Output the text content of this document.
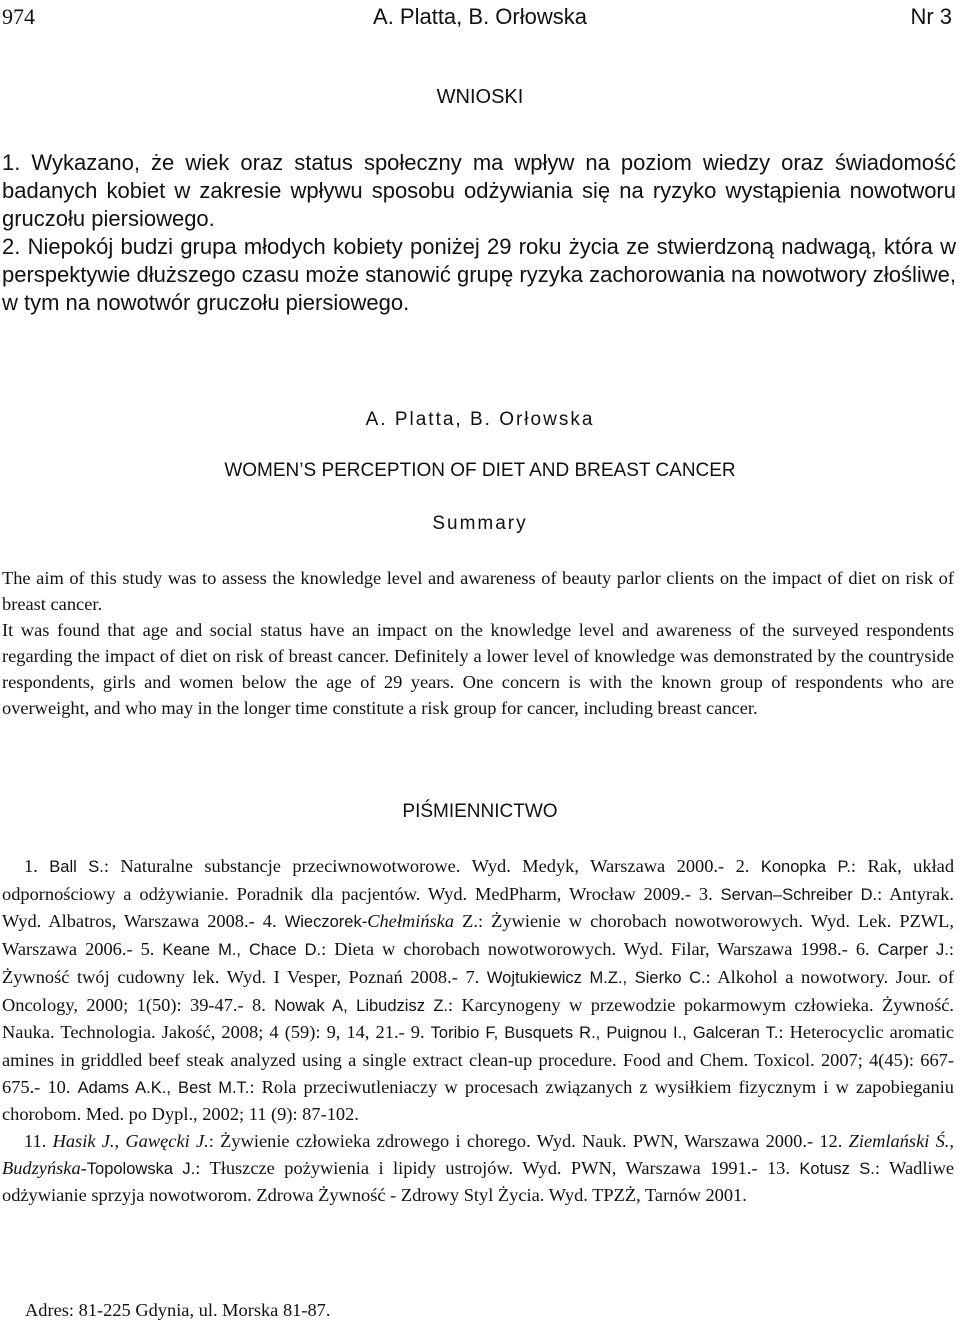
974	A. Platta, B. Orłowska	Nr 3
WNIOSKI

1. Wykazano, że wiek oraz status społeczny ma wpływ na poziom wiedzy oraz świadomość badanych kobiet w zakresie wpływu sposobu odżywiania się na ryzyko wystąpienia nowotworu gruczołu piersiowego.

2. Niepokój budzi grupa młodych kobiety poniżej 29 roku życia ze stwierdzoną nadwagą, która w perspektywie dłuższego czasu może stanowić grupę ryzyka zachorowania na nowotwory złośliwe, w tym na nowotwór gruczołu piersiowego.

A. Platta, B. Orłowska
WOMEN’S PERCEPTION OF DIET AND BREAST CANCER
Summary

The aim of this study was to assess the knowledge level and awareness of beauty parlor clients on the impact of diet on risk of breast cancer.

It was found that age and social status have an impact on the knowledge level and awareness of the surveyed respondents regarding the impact of diet on risk of breast cancer. Definitely a lower level of knowledge was demonstrated by the countryside respondents, girls and women below the age of 29 years. One concern is with the known group of respondents who are overweight, and who may in the longer time constitute a risk group for cancer, including breast cancer.

PIŚMIENNICTWO

1. Ball S.: Naturalne substancje przeciwnowotworowe. Wyd. Medyk, Warszawa 2000.- 2. Konopka P.: Rak, układ odpornościowy a odżywianie. Poradnik dla pacjentów. Wyd. MedPharm, Wrocław 2009.- 3. Servan–Schreiber D.: Antyrak. Wyd. Albatros, Warszawa 2008.- 4. Wieczorek-Chełmińska Z.: Żywienie w chorobach nowotworowych. Wyd. Lek. PZWL, Warszawa 2006.- 5. Keane M., Chace D.: Dieta w chorobach nowotworowych. Wyd. Filar, Warszawa 1998.- 6. Carper J.: Żywność twój cudowny lek. Wyd. I Vesper, Poznań 2008.- 7. Wojtukiewicz M.Z., Sierko C.: Alkohol a nowotwory. Jour. of Oncology, 2000; 1(50): 39-47.- 8. Nowak A, Libudzisz Z.: Karcynogeny w przewodzie pokarmowym człowieka. Żywność. Nauka. Technologia. Jakość, 2008; 4 (59): 9, 14, 21.- 9. Toribio F, Busquets R., Puignou I., Galceran T.: Heterocyclic aromatic amines in griddled beef steak analyzed using a single extract clean-up procedure. Food and Chem. Toxicol. 2007; 4(45): 667-675.- 10. Adams A.K., Best M.T.: Rola przeciwutleniaczy w procesach związanych z wysiłkiem fizycznym i w zapobieganiu chorobom. Med. po Dypl., 2002; 11 (9): 87-102.

11. Hasik J., Gawęcki J.: Żywienie człowieka zdrowego i chorego. Wyd. Nauk. PWN, Warszawa 2000.- 12. Ziemlański Ś., Budzyńska-Topolowska J.: Tłuszcze pożywienia i lipidy ustrojów. Wyd. PWN, Warszawa 1991.- 13. Kotusz S.: Wadliwe odżywianie sprzyja nowotworom. Zdrowa Żywność - Zdrowy Styl Życia. Wyd. TPZŻ, Tarnów 2001.

Adres: 81-225 Gdynia, ul. Morska 81-87.
